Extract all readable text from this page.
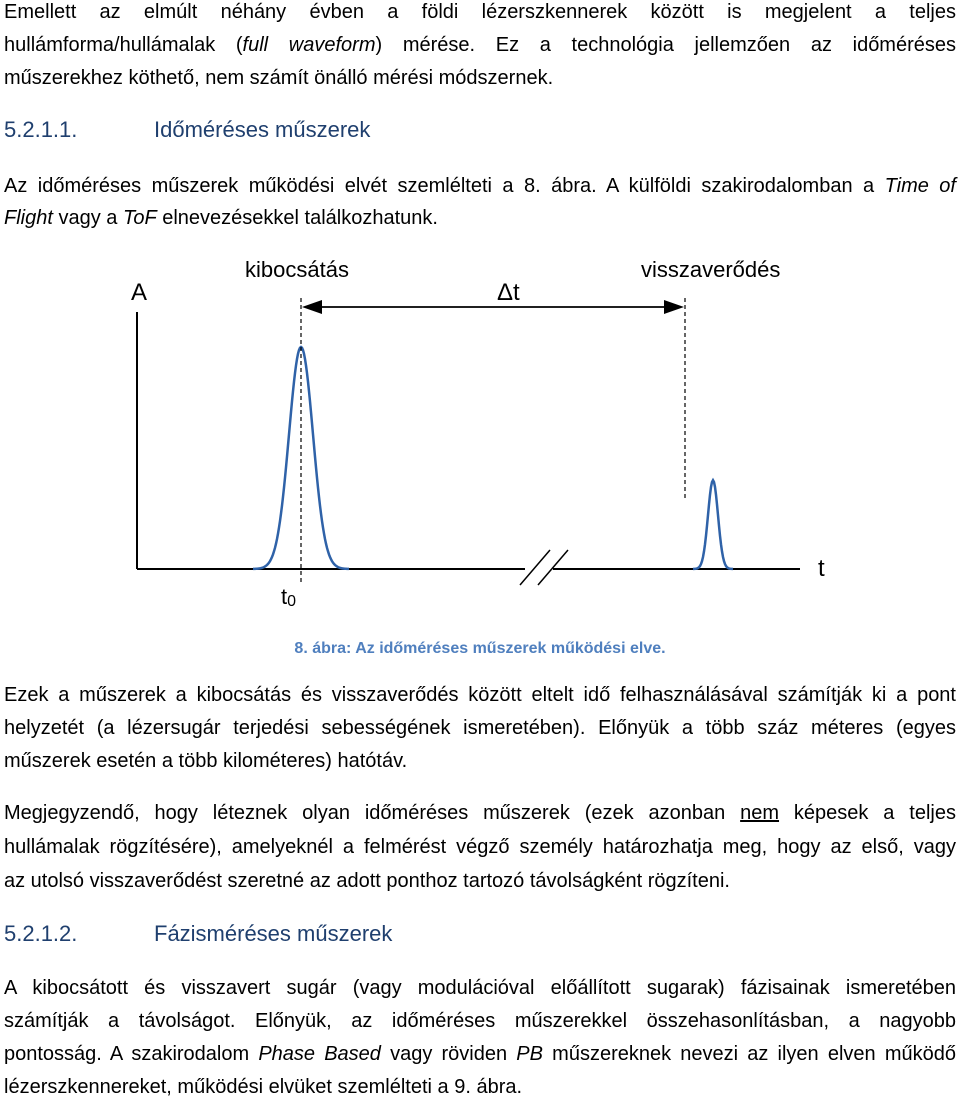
Emellett az elmúlt néhány évben a földi lézerszkennerek között is megjelent a teljes
hullámforma/hullámalak (full waveform) mérése. Ez a technológia jellemzően az időméréses
műszerekhez köthető, nem számít önálló mérési módszernek.
5.2.1.1.	Időméréses műszerek
Az időméréses műszerek működési elvét szemlélteti a 8. ábra. A külföldi szakirodalomban a Time of
Flight vagy a ToF elnevezésekkel találkozhatunk.
A
t
kibocsátás	visszaverődés
Δt
t0
8. ábra: Az időméréses műszerek működési elve.
Ezek a műszerek a kibocsátás és visszaverődés között eltelt idő felhasználásával számítják ki a pont
helyzetét (a lézersugár terjedési sebességének ismeretében). Előnyük a több száz méteres (egyes
műszerek esetén a több kilométeres) hatótáv.
Megjegyzendő, hogy léteznek olyan időméréses műszerek (ezek azonban nem képesek a teljes
hullámalak rögzítésére), amelyeknél a felmérést végző személy határozhatja meg, hogy az első, vagy
az utolsó visszaverődést szeretné az adott ponthoz tartozó távolságként rögzíteni.
5.2.1.2.	Fázisméréses műszerek
A kibocsátott és visszavert sugár (vagy modulációval előállított sugarak) fázisainak ismeretében
számítják a távolságot. Előnyük, az időméréses műszerekkel összehasonlításban, a nagyobb
pontosság. A szakirodalom Phase Based vagy röviden PB műszereknek nevezi az ilyen elven működő
lézerszkennereket, működési elvüket szemlélteti a 9. ábra.
